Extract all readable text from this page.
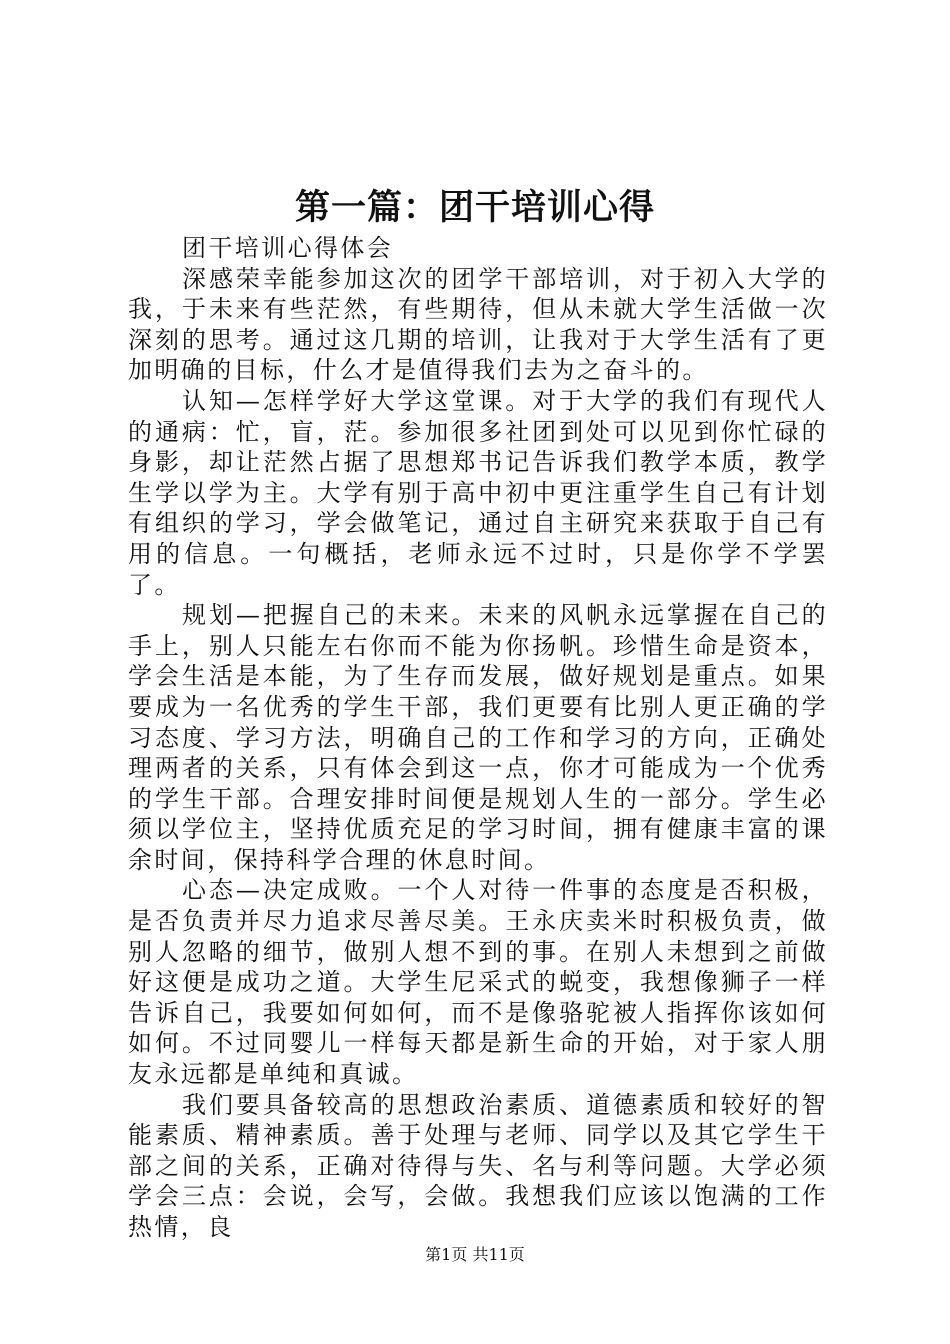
第一篇：团干培训心得

团干培训心得体会

深感荣幸能参加这次的团学干部培训，对于初入大学的我，于未来有些茫然，有些期待，但从未就大学生活做一次深刻的思考。通过这几期的培训，让我对于大学生活有了更加明确的目标，什么才是值得我们去为之奋斗的。

认知—怎样学好大学这堂课。对于大学的我们有现代人的通病：忙，盲，茫。参加很多社团到处可以见到你忙碌的身影，却让茫然占据了思想郑书记告诉我们教学本质，教学生学以学为主。大学有别于高中初中更注重学生自己有计划有组织的学习，学会做笔记，通过自主研究来获取于自己有用的信息。一句概括，老师永远不过时，只是你学不学罢了。

规划—把握自己的未来。未来的风帆永远掌握在自己的手上，别人只能左右你而不能为你扬帆。珍惜生命是资本，学会生活是本能，为了生存而发展，做好规划是重点。如果要成为一名优秀的学生干部，我们更要有比别人更正确的学习态度、学习方法，明确自己的工作和学习的方向，正确处理两者的关系，只有体会到这一点，你才可能成为一个优秀的学生干部。合理安排时间便是规划人生的一部分。学生必须以学位主，坚持优质充足的学习时间，拥有健康丰富的课余时间，保持科学合理的休息时间。

心态—决定成败。一个人对待一件事的态度是否积极，是否负责并尽力追求尽善尽美。王永庆卖米时积极负责，做别人忽略的细节，做别人想不到的事。在别人未想到之前做好这便是成功之道。大学生尼采式的蜕变，我想像狮子一样告诉自己，我要如何如何，而不是像骆驼被人指挥你该如何如何。不过同婴儿一样每天都是新生命的开始，对于家人朋友永远都是单纯和真诚。

我们要具备较高的思想政治素质、道德素质和较好的智能素质、精神素质。善于处理与老师、同学以及其它学生干部之间的关系，正确对待得与失、名与利等问题。大学必须学会三点：会说，会写，会做。我想我们应该以饱满的工作热情，良

第1页 共11页
